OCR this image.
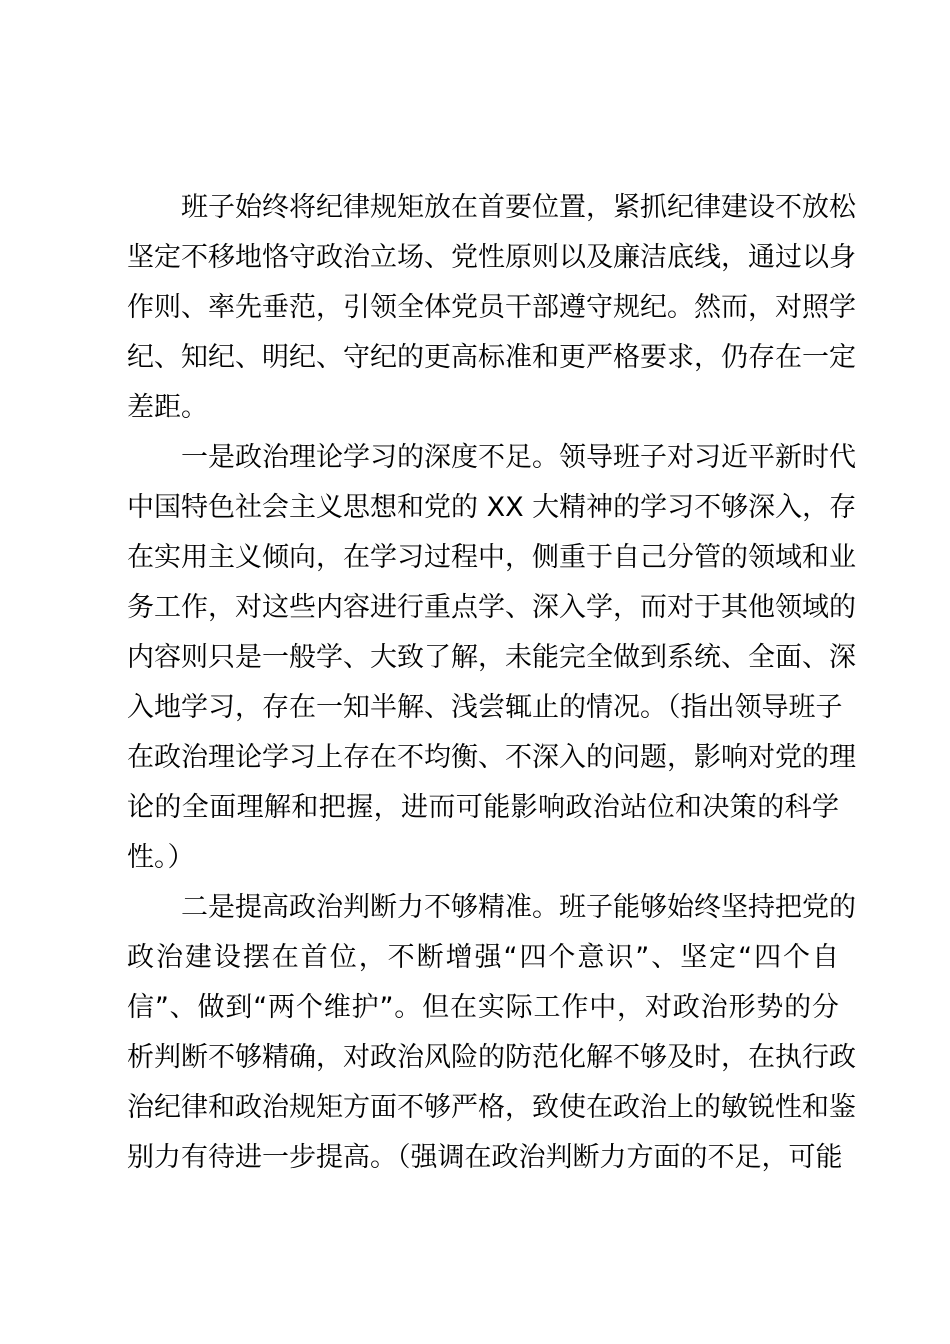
班子始终将纪律规矩放在首要位置，紧抓纪律建设不放松
坚定不移地恪守政治立场、党性原则以及廉洁底线，通过以身
作则、率先垂范，引领全体党员干部遵守规纪。然而，对照学
纪、知纪、明纪、守纪的更高标准和更严格要求，仍存在一定
差距。
一是政治理论学习的深度不足。领导班子对习近平新时代
中国特色社会主义思想和党的 XX 大精神的学习不够深入，存
在实用主义倾向，在学习过程中，侧重于自己分管的领域和业
务工作，对这些内容进行重点学、深入学，而对于其他领域的
内容则只是一般学、大致了解，未能完全做到系统、全面、深
入地学习，存在一知半解、浅尝辄止的情况。（指出领导班子
在政治理论学习上存在不均衡、不深入的问题，影响对党的理
论的全面理解和把握，进而可能影响政治站位和决策的科学
性。）
二是提高政治判断力不够精准。班子能够始终坚持把党的
政治建设摆在首位，不断增强“四个意识”、坚定“四个自
信”、做到“两个维护”。但在实际工作中，对政治形势的分
析判断不够精确，对政治风险的防范化解不够及时，在执行政
治纪律和政治规矩方面不够严格，致使在政治上的敏锐性和鉴
别力有待进一步提高。（强调在政治判断力方面的不足，可能
